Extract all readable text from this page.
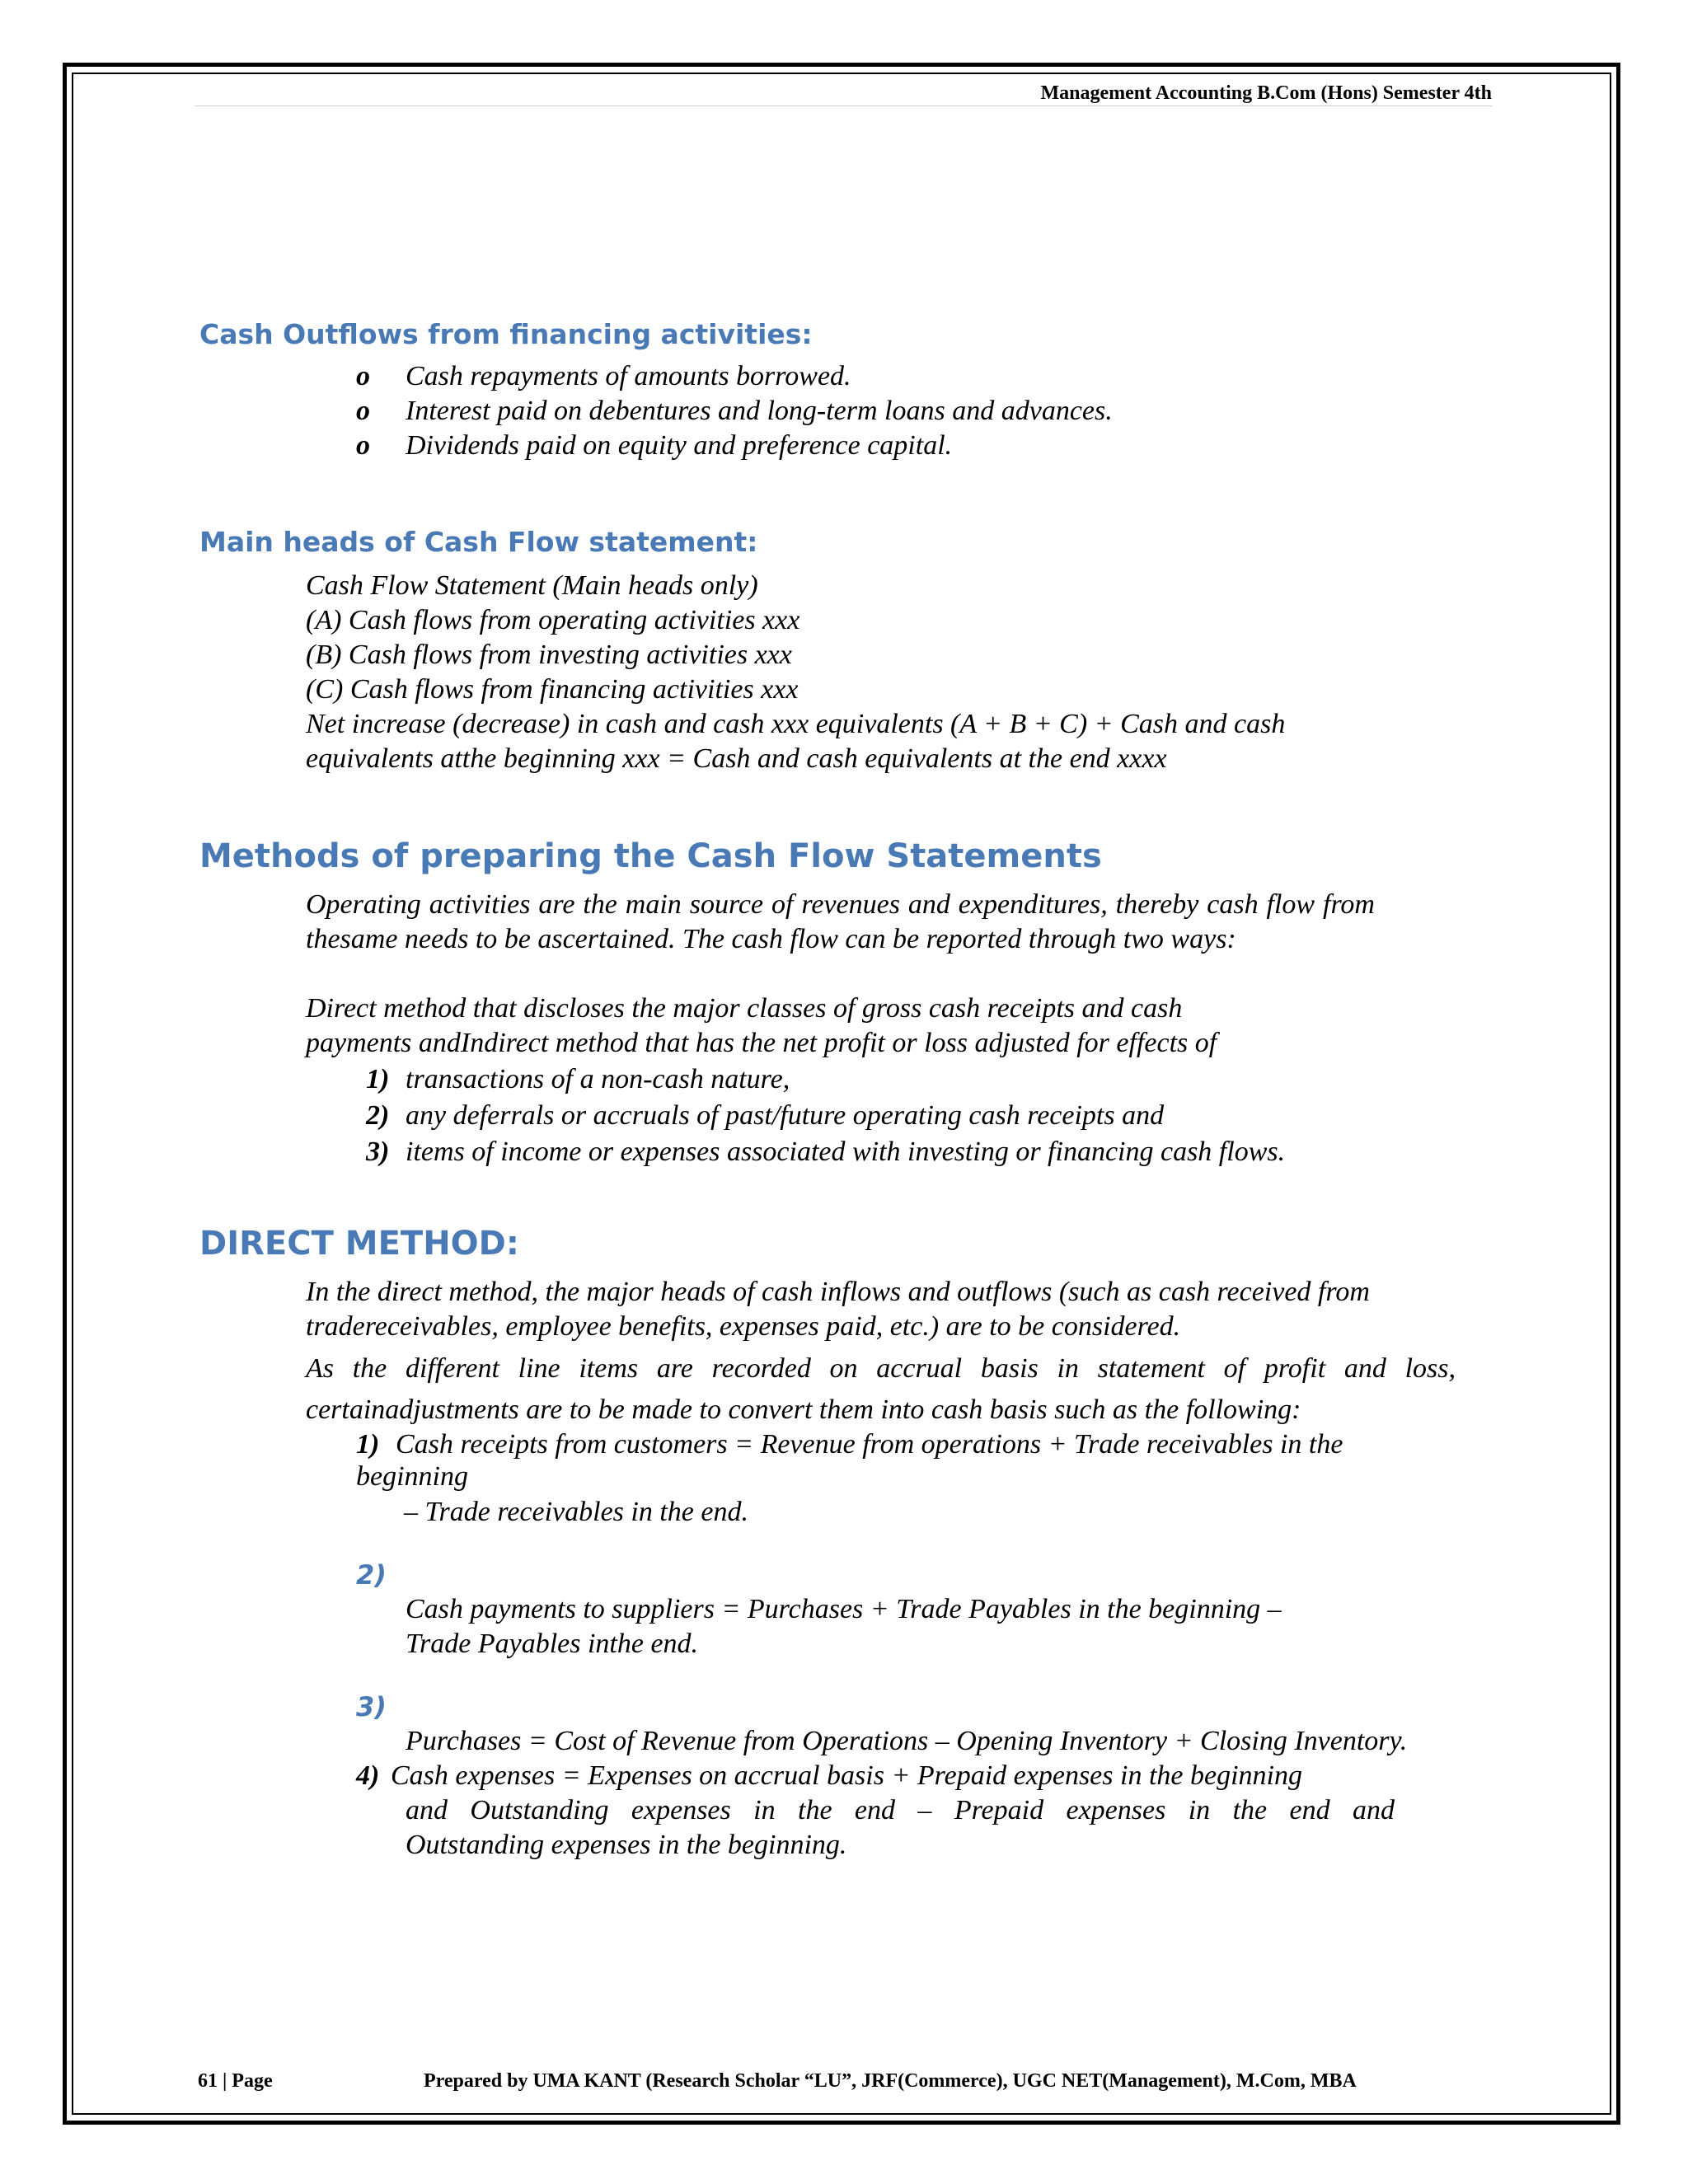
Management Accounting B.Com (Hons) Semester 4th
Cash Outflows from financing activities:
o Cash repayments of amounts borrowed.
o Interest paid on debentures and long-term loans and advances.
o Dividends paid on equity and preference capital.
Main heads of Cash Flow statement:
Cash Flow Statement (Main heads only)
(A) Cash flows from operating activities xxx
(B) Cash flows from investing activities xxx
(C) Cash flows from financing activities xxx
Net increase (decrease) in cash and cash xxx equivalents (A + B + C) + Cash and cash
equivalents atthe beginning xxx = Cash and cash equivalents at the end xxxx
Methods of preparing the Cash Flow Statements
Operating activities are the main source of revenues and expenditures, thereby cash flow from thesame needs to be ascertained. The cash flow can be reported through two ways:
Direct method that discloses the major classes of gross cash receipts and cash
payments andIndirect method that has the net profit or loss adjusted for effects of
1) transactions of a non-cash nature,
2) any deferrals or accruals of past/future operating cash receipts and
3) items of income or expenses associated with investing or financing cash flows.
DIRECT METHOD:
In the direct method, the major heads of cash inflows and outflows (such as cash received from
tradereceivables, employee benefits, expenses paid, etc.) are to be considered.
As the different line items are recorded on accrual basis in statement of profit and loss,
certainadjustments are to be made to convert them into cash basis such as the following:
1) Cash receipts from customers = Revenue from operations + Trade receivables in the
beginning
– Trade receivables in the end.
2)
Cash payments to suppliers = Purchases + Trade Payables in the beginning –
Trade Payables inthe end.
3)
Purchases = Cost of Revenue from Operations – Opening Inventory + Closing Inventory.
4) Cash expenses = Expenses on accrual basis + Prepaid expenses in the beginning
and Outstanding expenses in the end – Prepaid expenses in the end and
Outstanding expenses in the beginning.
61 | Page	Prepared by UMA KANT (Research Scholar “LU”, JRF(Commerce), UGC NET(Management), M.Com, MBA
